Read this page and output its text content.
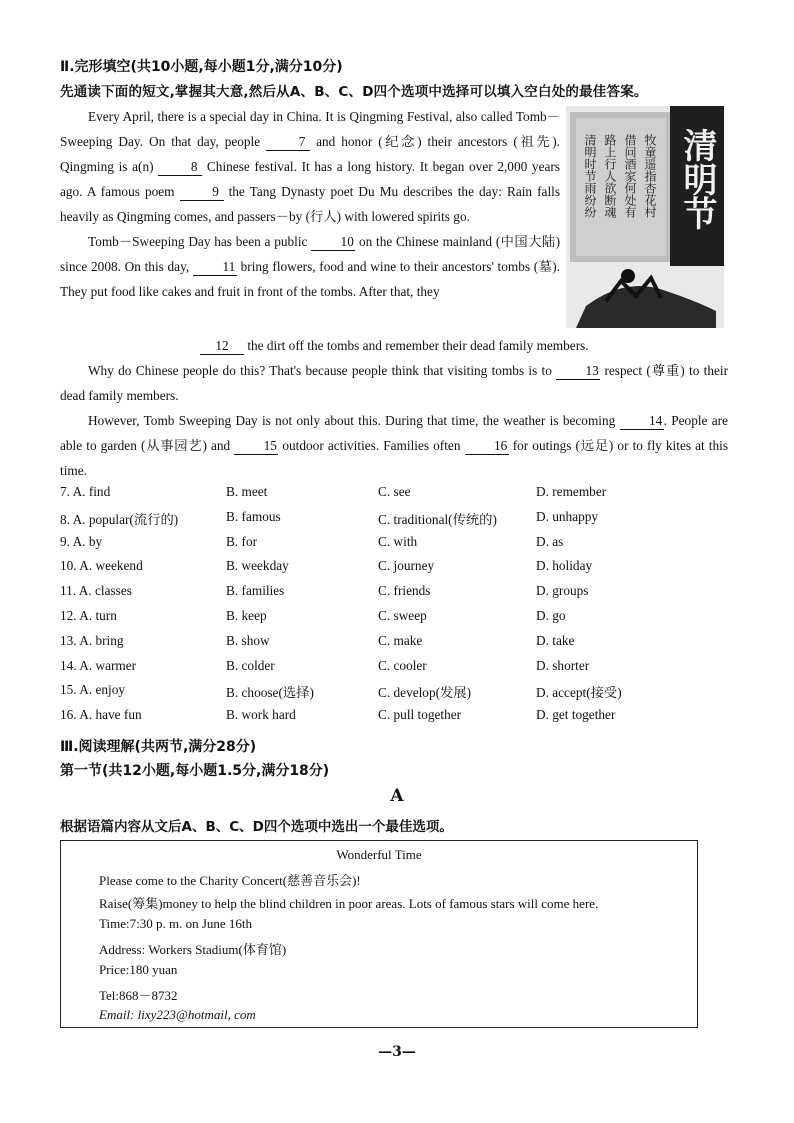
Ⅱ.完形填空(共10小题,每小题1分,满分10分)
先通读下面的短文,掌握其大意,然后从A、B、C、D四个选项中选择可以填入空白处的最佳答案。
清明时节雨纷纷 路上行人欲断魂 借问酒家何处有 牧童遥指杏花村 清明节

Every April, there is a special day in China. It is Qingming Festival, also called Tomb－Sweeping Day. On that day, people 7 and honor (纪念) their ancestors (祖先). Qingming is a(n) 8 Chinese festival. It has a long history. It began over 2,000 years ago. A famous poem 9 the Tang Dynasty poet Du Mu describes the day: Rain falls heavily as Qingming comes, and passers－by (行人) with lowered spirits go.

Tomb－Sweeping Day has been a public 10 on the Chinese mainland (中国大陆) since 2008. On this day, 11 bring flowers, food and wine to their ancestors' tombs (墓). They put food like cakes and fruit in front of the tombs. After that, they

12 the dirt off the tombs and remember their dead family members.

Why do Chinese people do this? That's because people think that visiting tombs is to 13 respect (尊重) to their dead family members.

However, Tomb Sweeping Day is not only about this. During that time, the weather is becoming 14. People are able to garden (从事园艺) and 15 outdoor activities. Families often 16 for outings (远足) or to fly kites at this time.

7. A. find	B. meet	C. see	D. remember
8. A. popular(流行的)	B. famous	C. traditional(传统的)	D. unhappy
9. A. by	B. for	C. with	D. as
10. A. weekend	B. weekday	C. journey	D. holiday
11. A. classes	B. families	C. friends	D. groups
12. A. turn	B. keep	C. sweep	D. go
13. A. bring	B. show	C. make	D. take
14. A. warmer	B. colder	C. cooler	D. shorter
15. A. enjoy	B. choose(选择)	C. develop(发展)	D. accept(接受)
16. A. have fun	B. work hard	C. pull together	D. get together
Ⅲ.阅读理解(共两节,满分28分)
第一节(共12小题,每小题1.5分,满分18分)
A
根据语篇内容从文后A、B、C、D四个选项中选出一个最佳选项。
Wonderful Time
Please come to the Charity Concert(慈善音乐会)!
Raise(筹集)money to help the blind children in poor areas. Lots of famous stars will come here.
Time:7:30 p. m. on June 16th
Address: Workers Stadium(体育馆)
Price:180 yuan
Tel:868－8732
Email: lixy223@hotmail, com
—3—
